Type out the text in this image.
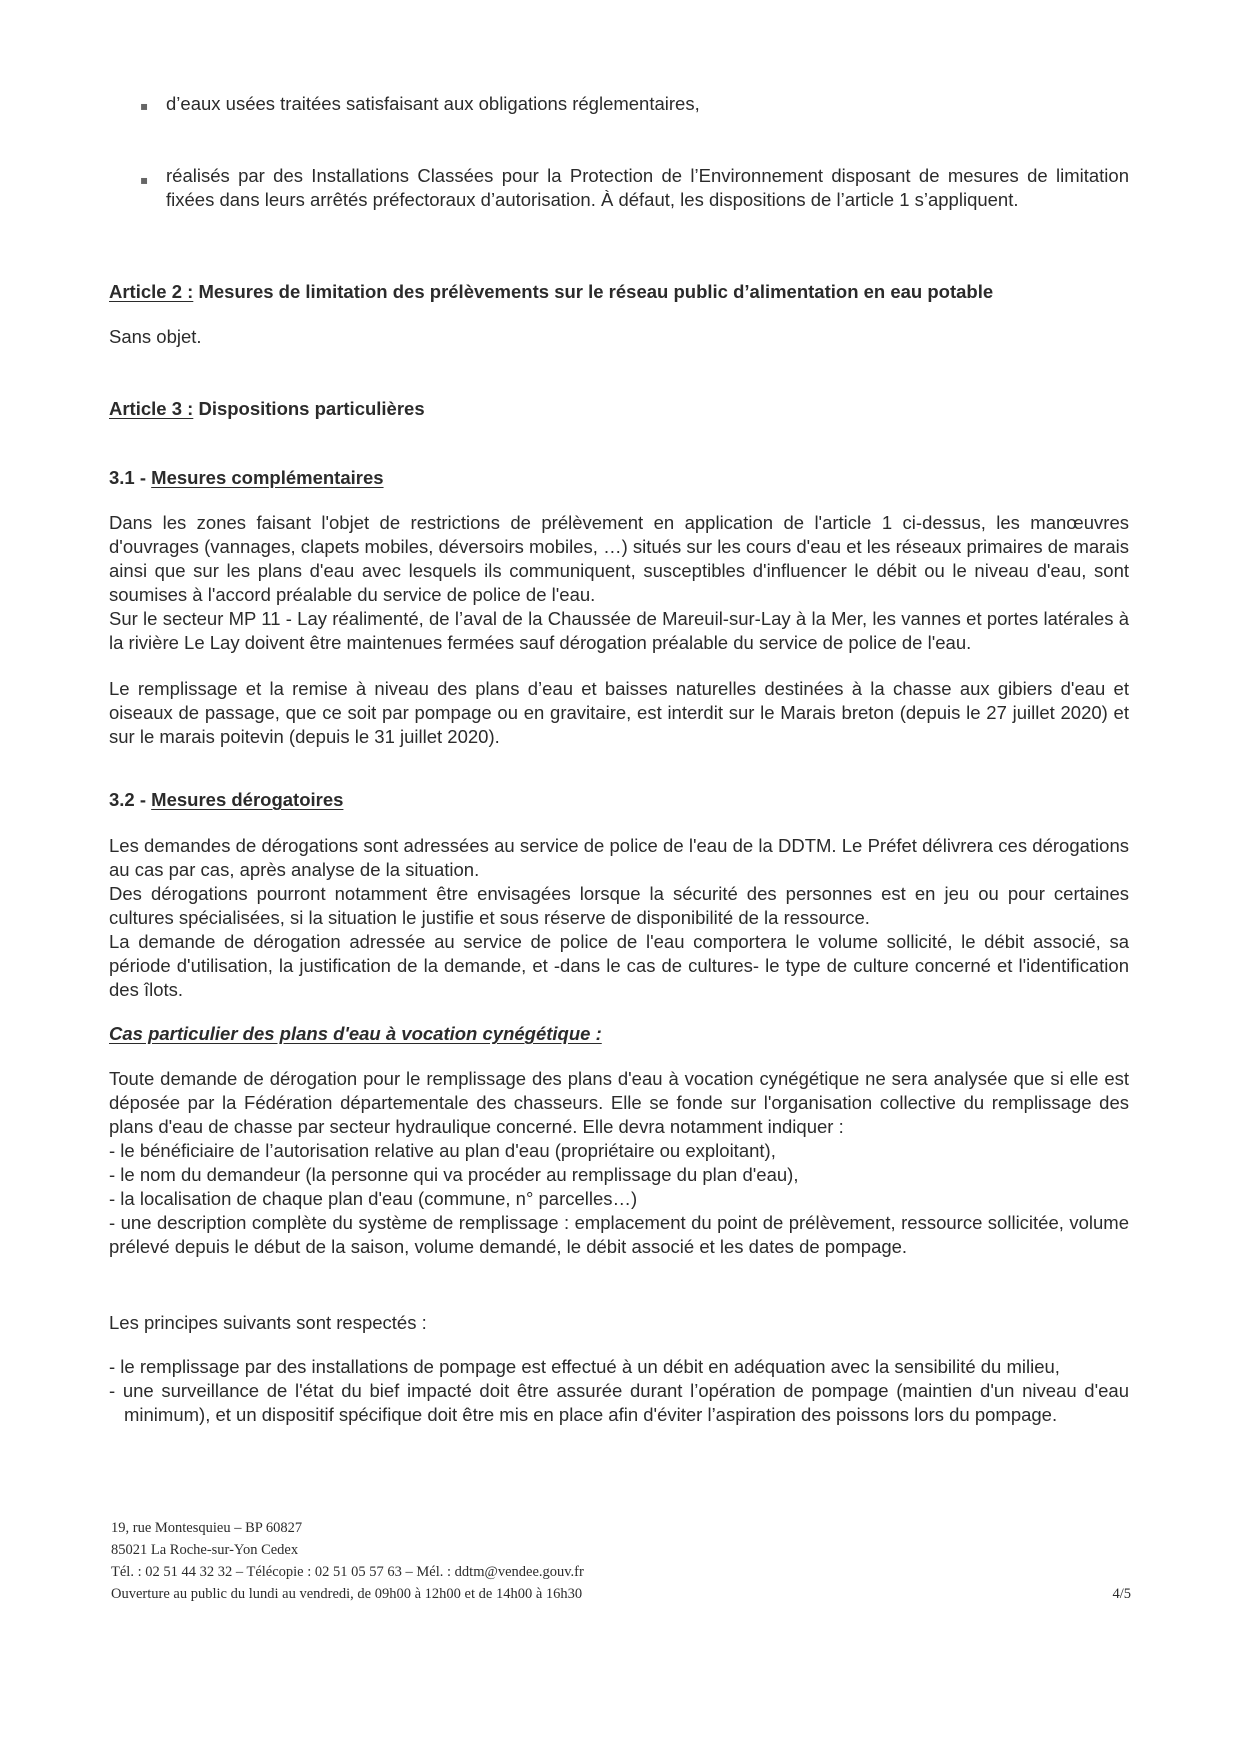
▪ d’eaux usées traitées satisfaisant aux obligations réglementaires,
▪ réalisés par des Installations Classées pour la Protection de l’Environnement disposant de mesures de limitation fixées dans leurs arrêtés préfectoraux d’autorisation. À défaut, les dispositions de l’article 1 s’appliquent.
Article 2 : Mesures de limitation des prélèvements sur le réseau public d’alimentation en eau potable
Sans objet.
Article 3 : Dispositions particulières
3.1 - Mesures complémentaires

Dans les zones faisant l'objet de restrictions de prélèvement en application de l'article 1 ci-dessus, les manœuvres d'ouvrages (vannages, clapets mobiles, déversoirs mobiles, …) situés sur les cours d'eau et les réseaux primaires de marais ainsi que sur les plans d'eau avec lesquels ils communiquent, susceptibles d'influencer le débit ou le niveau d'eau, sont soumises à l'accord préalable du service de police de l'eau.

Sur le secteur MP 11 - Lay réalimenté, de l’aval de la Chaussée de Mareuil-sur-Lay à la Mer, les vannes et portes latérales à la rivière Le Lay doivent être maintenues fermées sauf dérogation préalable du service de police de l'eau.

Le remplissage et la remise à niveau des plans d’eau et baisses naturelles destinées à la chasse aux gibiers d'eau et oiseaux de passage, que ce soit par pompage ou en gravitaire, est interdit sur le Marais breton (depuis le 27 juillet 2020) et sur le marais poitevin (depuis le 31 juillet 2020).

3.2 - Mesures dérogatoires

Les demandes de dérogations sont adressées au service de police de l'eau de la DDTM. Le Préfet délivrera ces dérogations au cas par cas, après analyse de la situation.

Des dérogations pourront notamment être envisagées lorsque la sécurité des personnes est en jeu ou pour certaines cultures spécialisées, si la situation le justifie et sous réserve de disponibilité de la ressource.

La demande de dérogation adressée au service de police de l'eau comportera le volume sollicité, le débit associé, sa période d'utilisation, la justification de la demande, et -dans le cas de cultures- le type de culture concerné et l'identification des îlots.

Cas particulier des plans d'eau à vocation cynégétique :

Toute demande de dérogation pour le remplissage des plans d'eau à vocation cynégétique ne sera analysée que si elle est déposée par la Fédération départementale des chasseurs. Elle se fonde sur l'organisation collective du remplissage des plans d'eau de chasse par secteur hydraulique concerné. Elle devra notamment indiquer :

- le bénéficiaire de l’autorisation relative au plan d'eau (propriétaire ou exploitant),

- le nom du demandeur (la personne qui va procéder au remplissage du plan d'eau),

- la localisation de chaque plan d'eau (commune, n° parcelles…)

- une description complète du système de remplissage : emplacement du point de prélèvement, ressource sollicitée, volume prélevé depuis le début de la saison, volume demandé, le débit associé et les dates de pompage.

Les principes suivants sont respectés :

- le remplissage par des installations de pompage est effectué à un débit en adéquation avec la sensibilité du milieu,

- une surveillance de l'état du bief impacté doit être assurée durant l’opération de pompage (maintien d'un niveau d'eau minimum), et un dispositif spécifique doit être mis en place afin d'éviter l’aspiration des poissons lors du pompage.

19, rue Montesquieu – BP 60827
85021 La Roche-sur-Yon Cedex
Tél. : 02 51 44 32 32 – Télécopie : 02 51 05 57 63 – Mél. : ddtm@vendee.gouv.fr
Ouverture au public du lundi au vendredi, de 09h00 à 12h00 et de 14h00 à 16h30	4/5
